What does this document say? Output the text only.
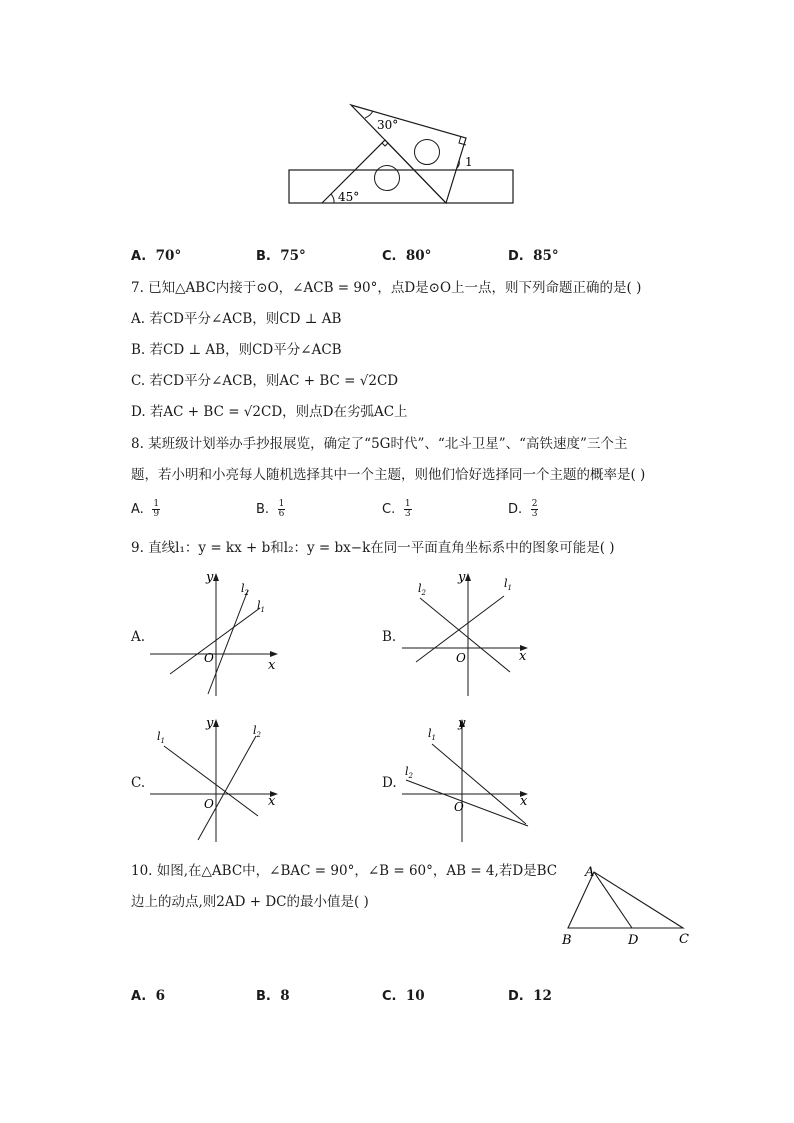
30°
45°
1
A. 70°	B. 75°	C. 80°	D. 85°
7. 已知△ABC内接于⊙O，∠ACB = 90°，点D是⊙O上一点，则下列命题正确的是( )
A. 若CD平分∠ACB，则CD ⊥ AB
B. 若CD ⊥ AB，则CD平分∠ACB
C. 若CD平分∠ACB，则AC + BC = √2CD
D. 若AC + BC = √2CD，则点D在劣弧AC上
8. 某班级计划举办手抄报展览，确定了“5G时代”、“北斗卫星”、“高铁速度”三个主
题，若小明和小亮每人随机选择其中一个主题，则他们恰好选择同一个主题的概率是( )
A.
$\frac{1}{9}$	B.
$\frac{1}{6}$	C.
$\frac{1}{3}$	D.
$\frac{2}{3}$
9. 直线l₁：y = kx + b和l₂：y = bx−k在同一平面直角坐标系中的图象可能是( )
A.
y
x
O
$l_2$
$l_1$
B.
y
x
O
$l_2$
$l_1$
C.
y
x
O
$l_1$
$l_2$
D.
y
x
O
$l_1$
$l_2$
10. 如图,在△ABC中，∠BAC = 90°，∠B = 60°，AB = 4,若D是BC
边上的动点,则2AD + DC的最小值是( )
A
B	D	C
A. 6	B. 8	C. 10	D. 12
